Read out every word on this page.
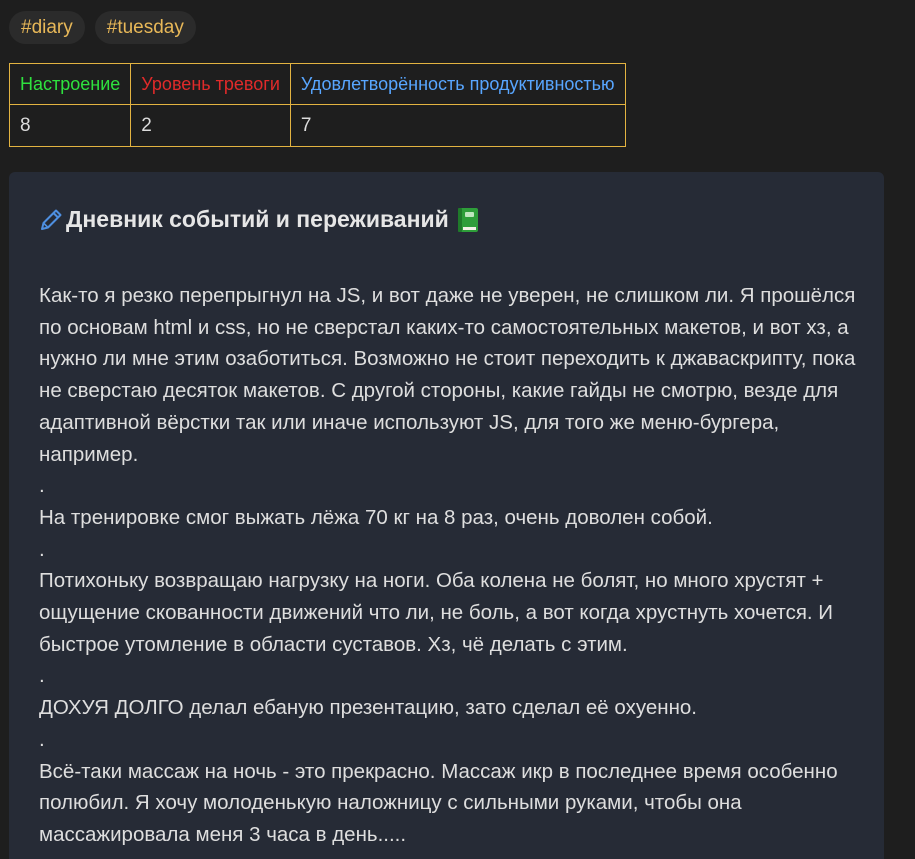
#diary	#tuesday
Настроение	Уровень тревоги	Удовлетворённость продуктивностью
8	2	7
Дневник событий и переживаний

Как-то я резко перепрыгнул на JS, и вот даже не уверен, не слишком ли. Я прошёлся по основам html и css, но не сверстал каких-то самостоятельных макетов, и вот хз, а нужно ли мне этим озаботиться. Возможно не стоит переходить к джаваскрипту, пока не сверстаю десяток макетов. С другой стороны, какие гайды не смотрю, везде для адаптивной вёрстки так или иначе используют JS, для того же меню-бургера, например.

.

На тренировке смог выжать лёжа 70 кг на 8 раз, очень доволен собой.

.

Потихоньку возвращаю нагрузку на ноги. Оба колена не болят, но много хрустят + ощущение скованности движений что ли, не боль, а вот когда хрустнуть хочется. И быстрое утомление в области суставов. Хз, чё делать с этим.

.

ДОХУЯ ДОЛГО делал ебаную презентацию, зато сделал её охуенно.

.

Всё-таки массаж на ночь - это прекрасно. Массаж икр в последнее время особенно полюбил. Я хочу молоденькую наложницу с сильными руками, чтобы она массажировала меня 3 часа в день.....
